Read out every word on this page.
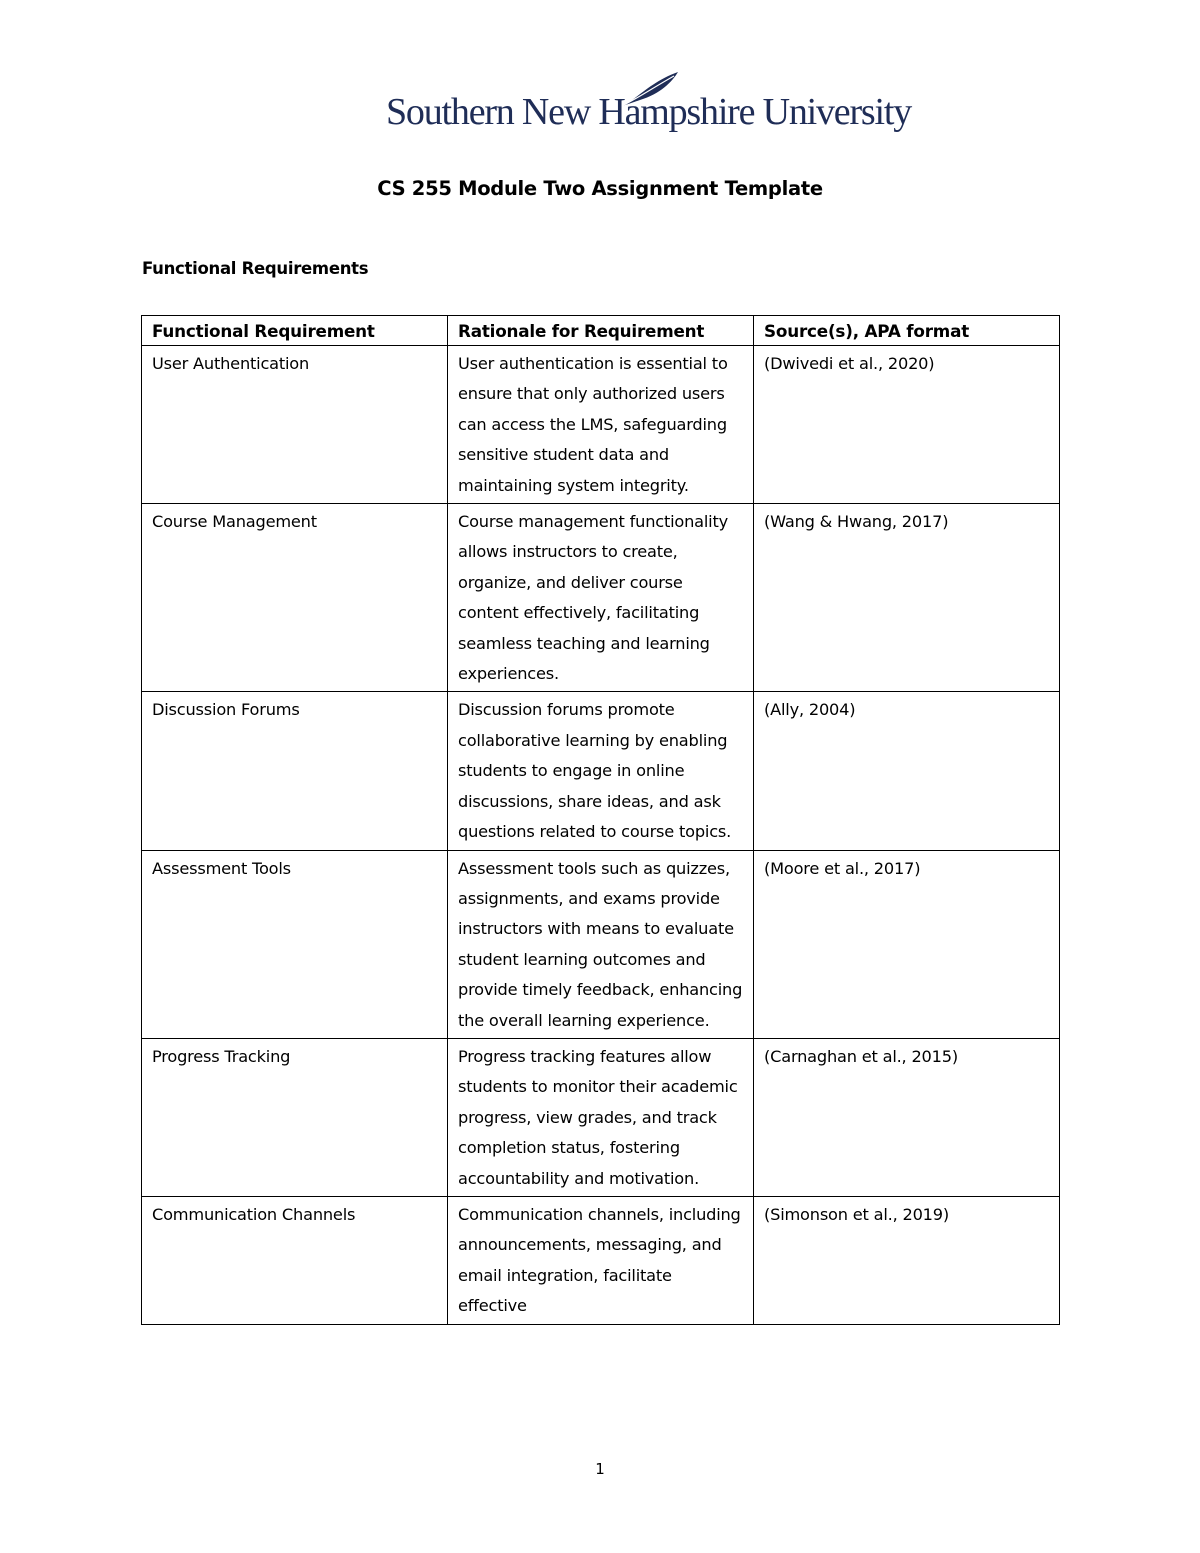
Southern New Hampshire University
CS 255 Module Two Assignment Template
Functional Requirements
Functional Requirement	Rationale for Requirement	Source(s), APA format
User Authentication	User authentication is essential to ensure that only authorized users can access the LMS, safeguarding sensitive student data and maintaining system integrity.	(Dwivedi et al., 2020)
Course Management	Course management functionality allows instructors to create, organize, and deliver course content effectively, facilitating seamless teaching and learning experiences.	(Wang & Hwang, 2017)
Discussion Forums	Discussion forums promote collaborative learning by enabling students to engage in online discussions, share ideas, and ask questions related to course topics.	(Ally, 2004)
Assessment Tools	Assessment tools such as quizzes, assignments, and exams provide instructors with means to evaluate student learning outcomes and provide timely feedback, enhancing the overall learning experience.	(Moore et al., 2017)
Progress Tracking	Progress tracking features allow students to monitor their academic progress, view grades, and track completion status, fostering accountability and motivation.	(Carnaghan et al., 2015)
Communication Channels	Communication channels, including announcements, messaging, and email integration, facilitate effective	(Simonson et al., 2019)
1
